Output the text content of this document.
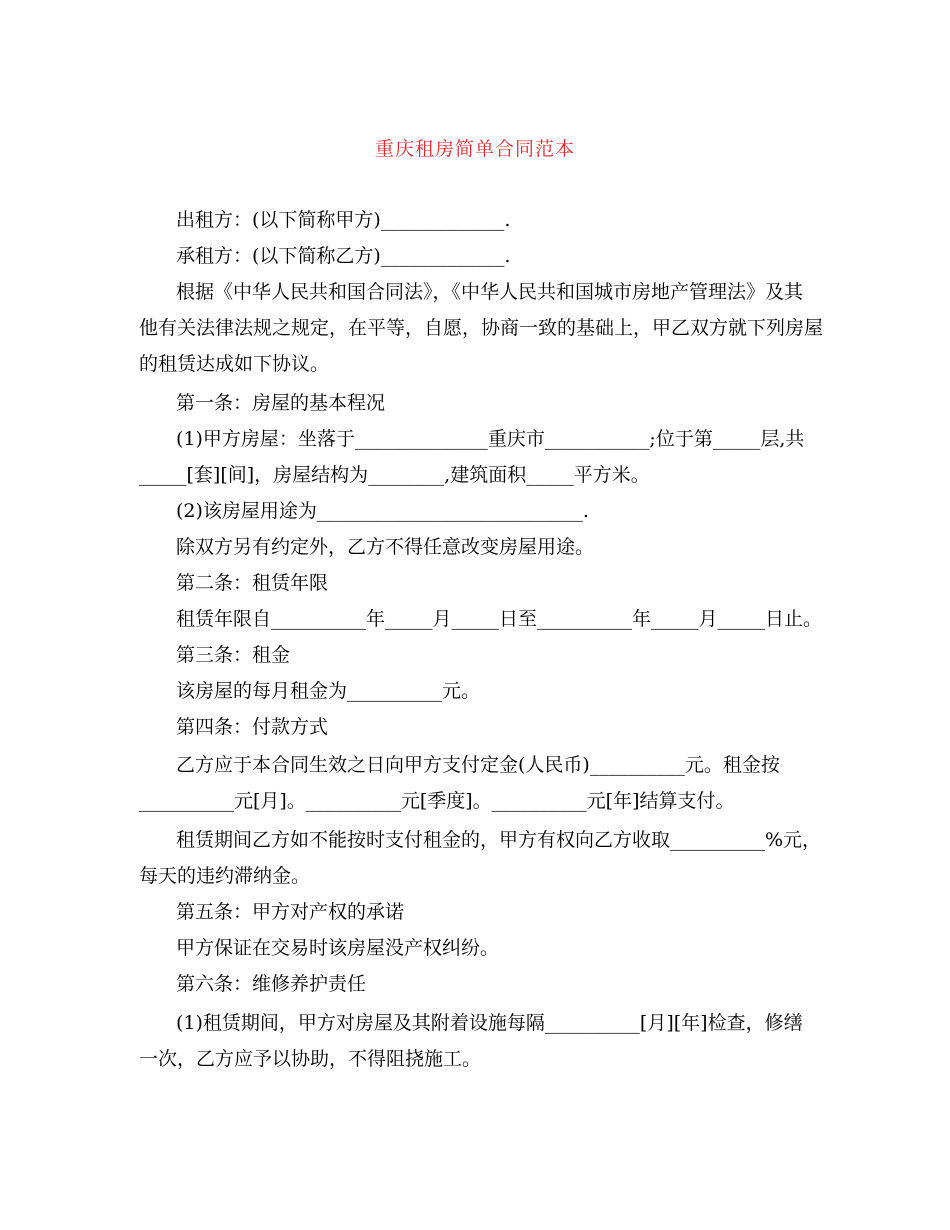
重庆租房简单合同范本
出租方：(以下简称甲方)_____________.
承租方：(以下简称乙方)_____________.
根据《中华人民共和国合同法》，《中华人民共和国城市房地产管理法》及其
他有关法律法规之规定，在平等，自愿，协商一致的基础上，甲乙双方就下列房屋
的租赁达成如下协议。
第一条：房屋的基本程况
(1)甲方房屋：坐落于______________重庆市___________;位于第_____层,共
_____[套][间]，房屋结构为________,建筑面积_____平方米。
(2)该房屋用途为____________________________.
除双方另有约定外，乙方不得任意改变房屋用途。
第二条：租赁年限
租赁年限自__________年_____月_____日至__________年_____月_____日止。
第三条：租金
该房屋的每月租金为__________元。
第四条：付款方式
乙方应于本合同生效之日向甲方支付定金(人民币)__________元。租金按
__________元[月]。__________元[季度]。__________元[年]结算支付。
租赁期间乙方如不能按时支付租金的，甲方有权向乙方收取__________%元，
每天的违约滞纳金。
第五条：甲方对产权的承诺
甲方保证在交易时该房屋没产权纠纷。
第六条：维修养护责任
(1)租赁期间，甲方对房屋及其附着设施每隔__________[月][年]检查，修缮
一次，乙方应予以协助，不得阻挠施工。
